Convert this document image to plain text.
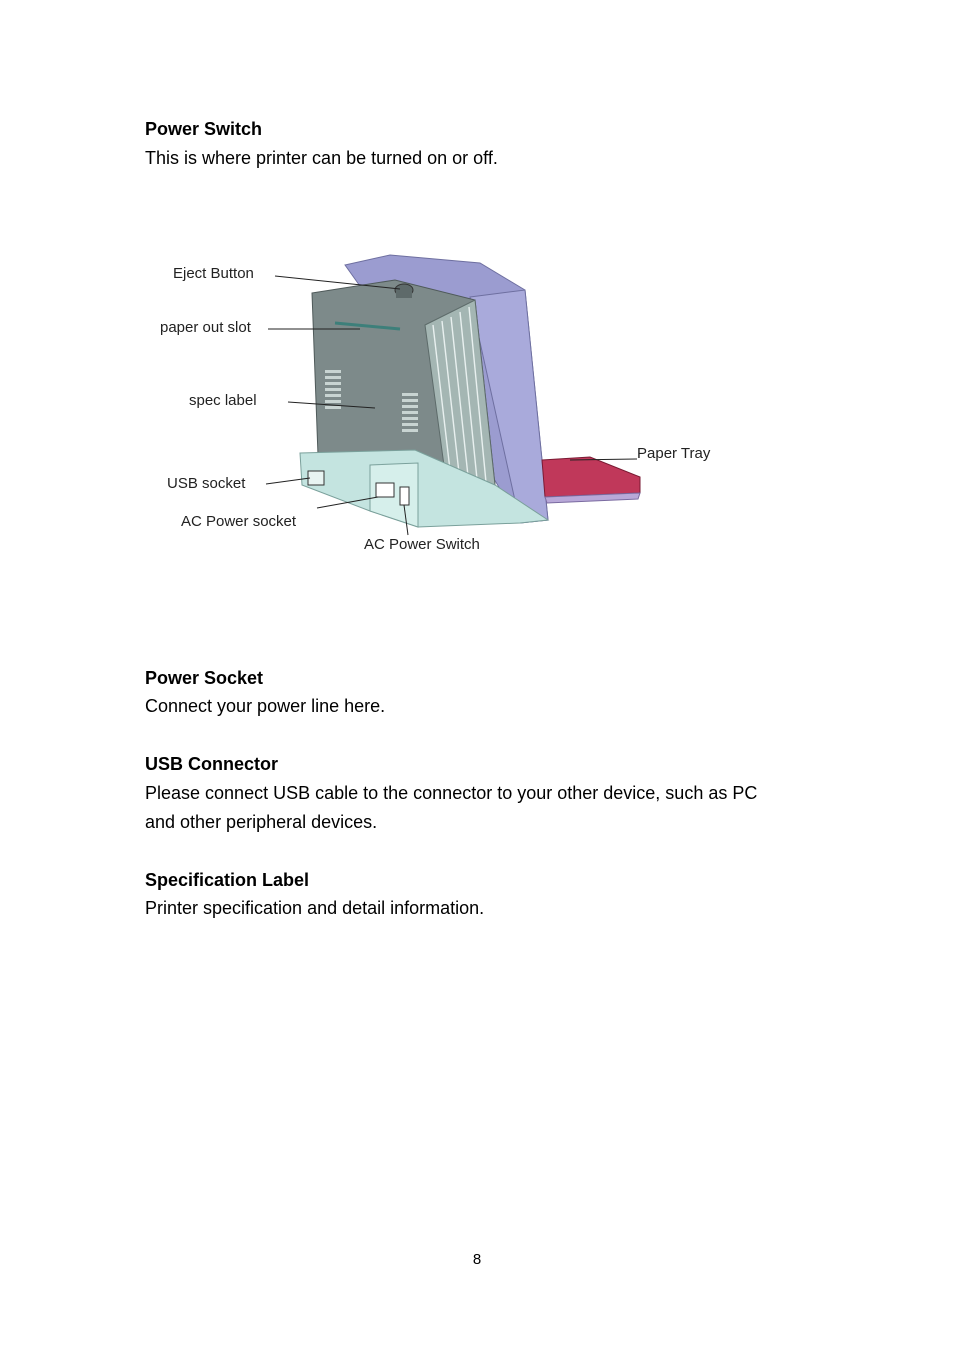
Power Switch

This is where printer can be turned on or off.

Eject Button
paper out slot
spec label
USB socket
AC Power socket
AC Power Switch
Paper Tray
Power Socket

Connect your power line here.

USB Connector

Please connect USB cable to the connector to your other device, such as PC

and other peripheral devices.

Specification Label

Printer specification and detail information.

8
